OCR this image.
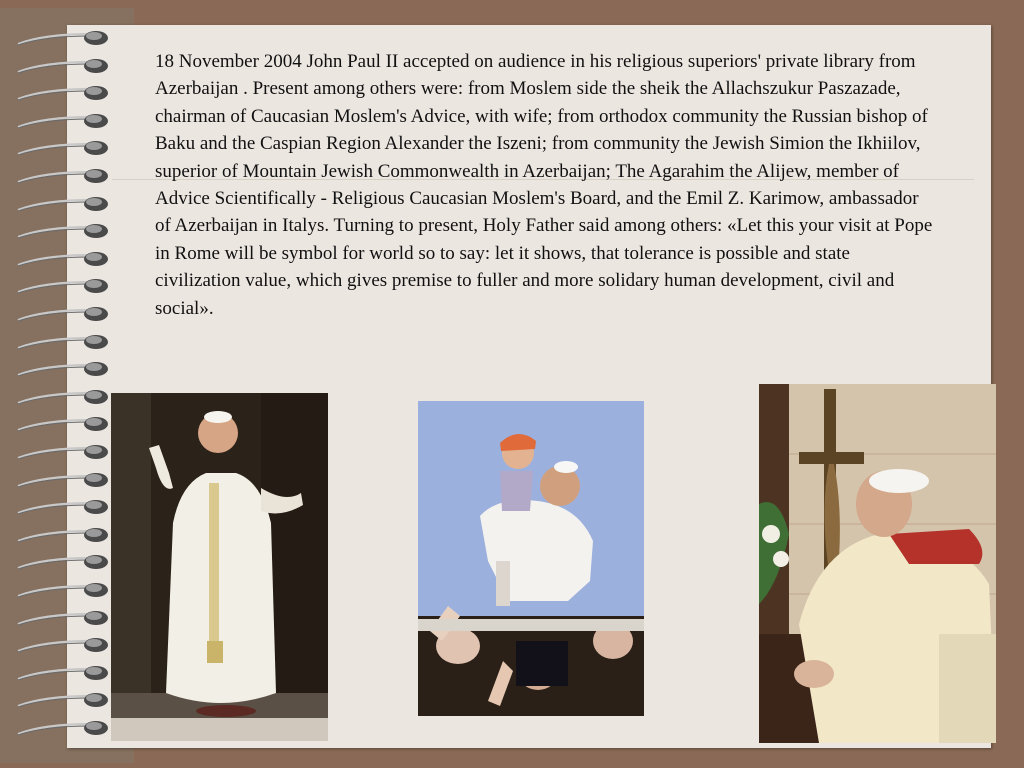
18 November 2004 John Paul II accepted on audience in his religious superiors' private library from Azerbaijan . Present among others were: from Moslem side the sheik the Allachszukur Paszazade, chairman of Caucasian Moslem's Advice, with wife; from orthodox community the Russian bishop of Baku and the Caspian Region Alexander the Iszeni; from community the Jewish Simion the Ikhiilov, superior of Mountain Jewish Commonwealth in Azerbaijan; The Agarahim the Alijew, member of Advice Scientifically - Religious Caucasian Moslem's Board, and the Emil Z. Karimow, ambassador of Azerbaijan in Italys. Turning to present, Holy Father said among others: «Let this your visit at Pope in Rome will be symbol for world so to say: let it shows, that tolerance is possible and state civilization value, which gives premise to fuller and more solidary human development, civil and social».
